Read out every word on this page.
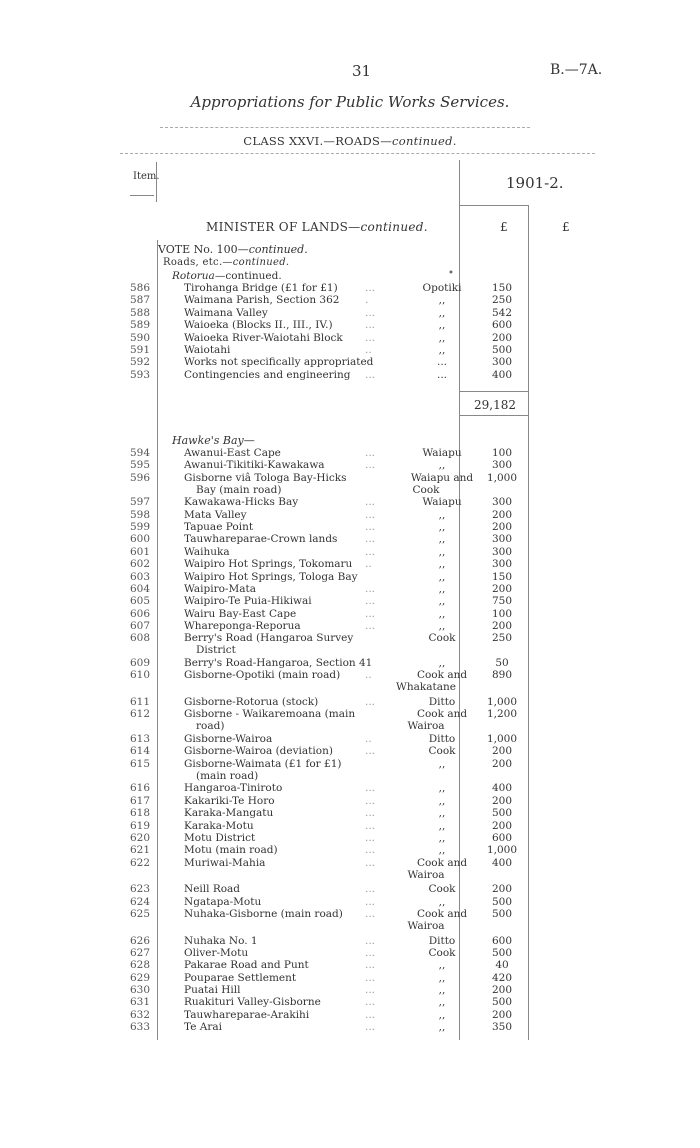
31	B.—7A.
Appropriations for Public Works Services.
CLASS XXVI.—ROADS—continued.
Item.	1901-2.
MINISTER OF LANDS—continued.	£	£
VOTE No. 100—continued.
Roads, etc.—continued.
Rotorua—continued.	•
586	Tirohanga Bridge (£1 for £1)	...	Opotiki	150
587	Waimana Parish, Section 362 .	,,	250
588	Waimana Valley	...	,,	542
589	Waioeka (Blocks II., III., IV.)	...	,,	600
590	Waioeka River-Waiotahi Block ...	,,	200
591	Waiotahi	..	,,	500
592	Works not specifically appropriated	...	300
593	Contingencies and engineering ...	...	400
29,182
Hawke's Bay—
594	Awanui-East Cape	...	Waiapu	100
595	Awanui-Tikitiki-Kawakawa	...	,,	300
596	Gisborne viâ Tologa Bay-Hicks	Waiapu and	1,000
Bay (main road)	Cook
597	Kawakawa-Hicks Bay	...	Waiapu	300
598	Mata Valley	...	,,	200
599	Tapuae Point	...	,,	200
600	Tauwhareparae-Crown lands	...	,,	300
601	Waihuka	...	,,	300
602	Waipiro Hot Springs, Tokomaru ..	,,	300
603	Waipiro Hot Springs, Tologa Bay	,,	150
604	Waipiro-Mata	...	,,	200
605	Waipiro-Te Puia-Hikiwai	...	,,	750
606	Wairu Bay-East Cape	...	,,	100
607	Whareponga-Reporua	...	,,	200
608	Berry's Road (Hangaroa Survey	Cook	250
District
609	Berry's Road-Hangaroa, Section 41	,,	50
610	Gisborne-Opotiki (main road) ..	Cook and	890
Whakatane
611	Gisborne-Rotorua (stock)	...	Ditto	1,000
612	Gisborne - Waikaremoana (main	Cook and	1,200
road)	Wairoa
613	Gisborne-Wairoa	..	Ditto	1,000
614	Gisborne-Wairoa (deviation)	...	Cook	200
615	Gisborne-Waimata (£1 for £1)	,,	200
(main road)
616	Hangaroa-Tiniroto	...	,,	400
617	Kakariki-Te Horo	...	,,	200
618	Karaka-Mangatu	...	,,	500
619	Karaka-Motu	...	,,	200
620	Motu District	...	,,	600
621	Motu (main road)	...	,,	1,000
622	Muriwai-Mahia	...	Cook and	400
Wairoa
623	Neill Road	...	Cook	200
624	Ngatapa-Motu	...	,,	500
625	Nuhaka-Gisborne (main road) ...	Cook and	500
Wairoa
626	Nuhaka No. 1	...	Ditto	600
627	Oliver-Motu	...	Cook	500
628	Pakarae Road and Punt	...	,,	40
629	Pouparae Settlement	...	,,	420
630	Puatai Hill	...	,,	200
631	Ruakituri Valley-Gisborne	...	,,	500
632	Tauwhareparae-Arakihi	...	,,	200
633	Te Arai	...	,,	350
